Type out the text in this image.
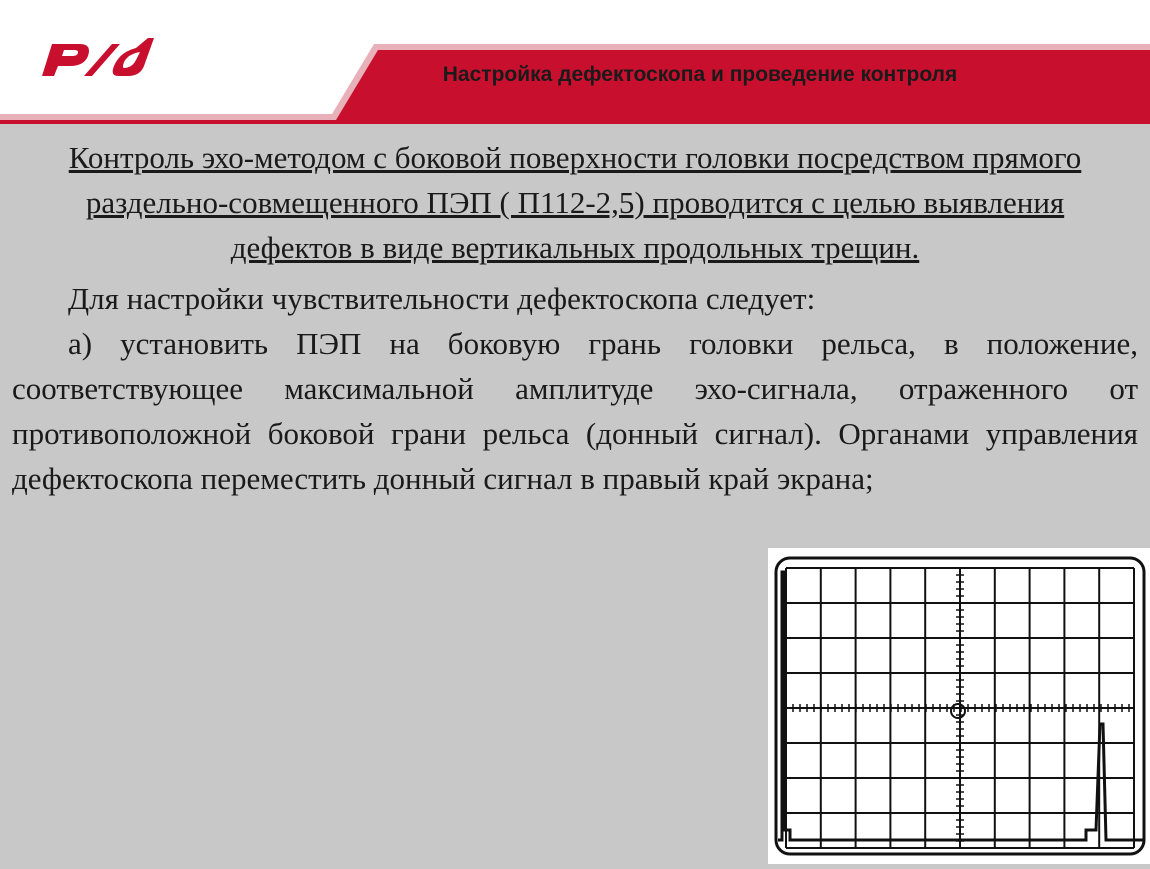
Настройка дефектоскопа и проведение контроля

Контроль эхо-методом с боковой поверхности головки посредством прямого раздельно-совмещенного ПЭП ( П112-2,5) проводится с целью выявления дефектов в виде вертикальных продольных трещин.

Для настройки чувствительности дефектоскопа следует:

а) установить ПЭП на боковую грань головки рельса, в положение, соответствующее максимальной амплитуде эхо-сигнала, отраженного от противоположной боковой грани рельса (донный сигнал). Органами управления дефектоскопа переместить донный сигнал в правый край экрана;
